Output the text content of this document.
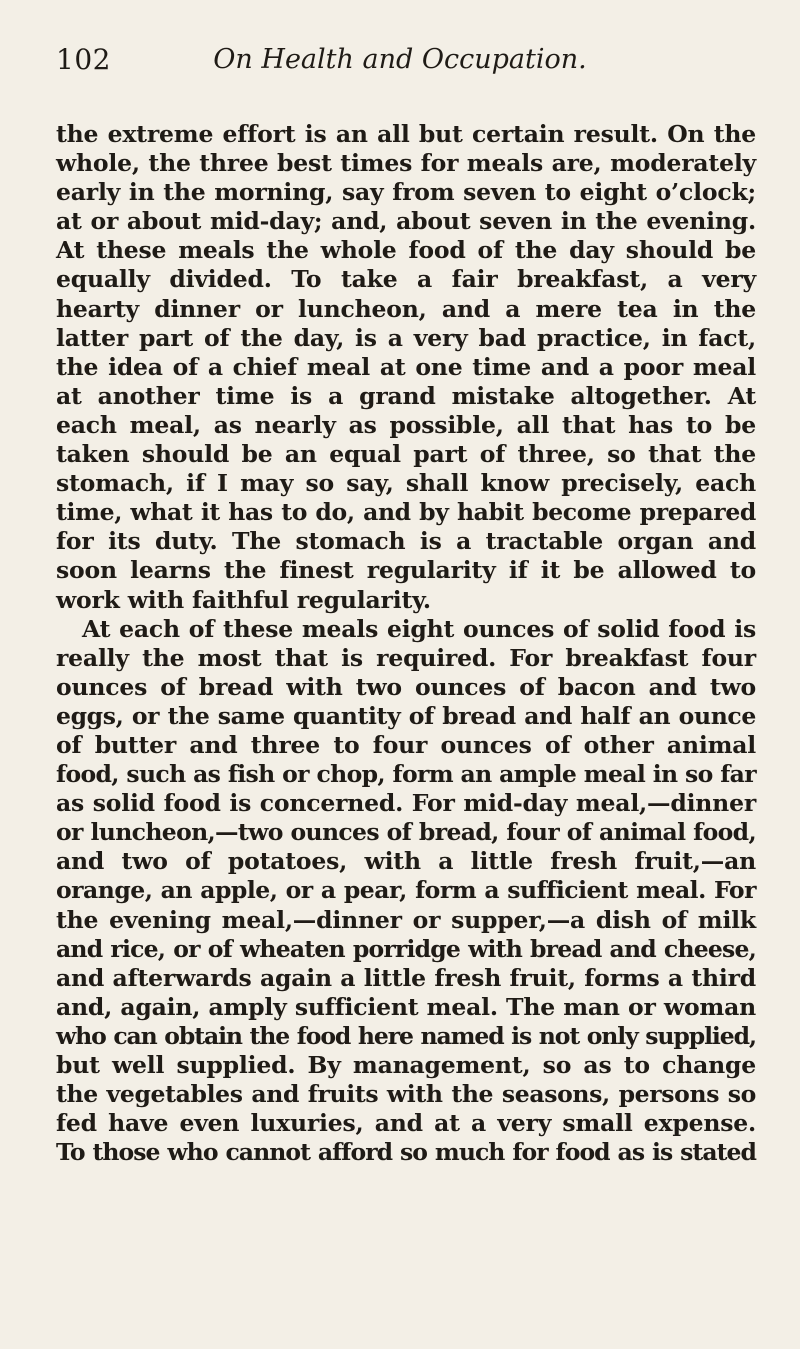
102	On Health and Occupation.

the extreme effort is an all but certain result. On the
whole, the three best times for meals are, moderately
early in the morning, say from seven to eight o’clock;
at or about mid-day; and, about seven in the evening.
At these meals the whole food of the day should be
equally divided. To take a fair breakfast, a very
hearty dinner or luncheon, and a mere tea in the
latter part of the day, is a very bad practice, in fact,
the idea of a chief meal at one time and a poor meal
at another time is a grand mistake altogether. At
each meal, as nearly as possible, all that has to be
taken should be an equal part of three, so that the
stomach, if I may so say, shall know precisely, each
time, what it has to do, and by habit become prepared
for its duty. The stomach is a tractable organ and
soon learns the finest regularity if it be allowed to
work with faithful regularity.

At each of these meals eight ounces of solid food is
really the most that is required. For breakfast four
ounces of bread with two ounces of bacon and two
eggs, or the same quantity of bread and half an ounce
of butter and three to four ounces of other animal
food, such as fish or chop, form an ample meal in so far
as solid food is concerned. For mid-day meal,—dinner
or luncheon,—two ounces of bread, four of animal food,
and two of potatoes, with a little fresh fruit,—an
orange, an apple, or a pear, form a sufficient meal. For
the evening meal,—dinner or supper,—a dish of milk
and rice, or of wheaten porridge with bread and cheese,
and afterwards again a little fresh fruit, forms a third
and, again, amply sufficient meal. The man or woman
who can obtain the food here named is not only supplied,
but well supplied. By management, so as to change
the vegetables and fruits with the seasons, persons so
fed have even luxuries, and at a very small expense.
To those who cannot afford so much for food as is stated
